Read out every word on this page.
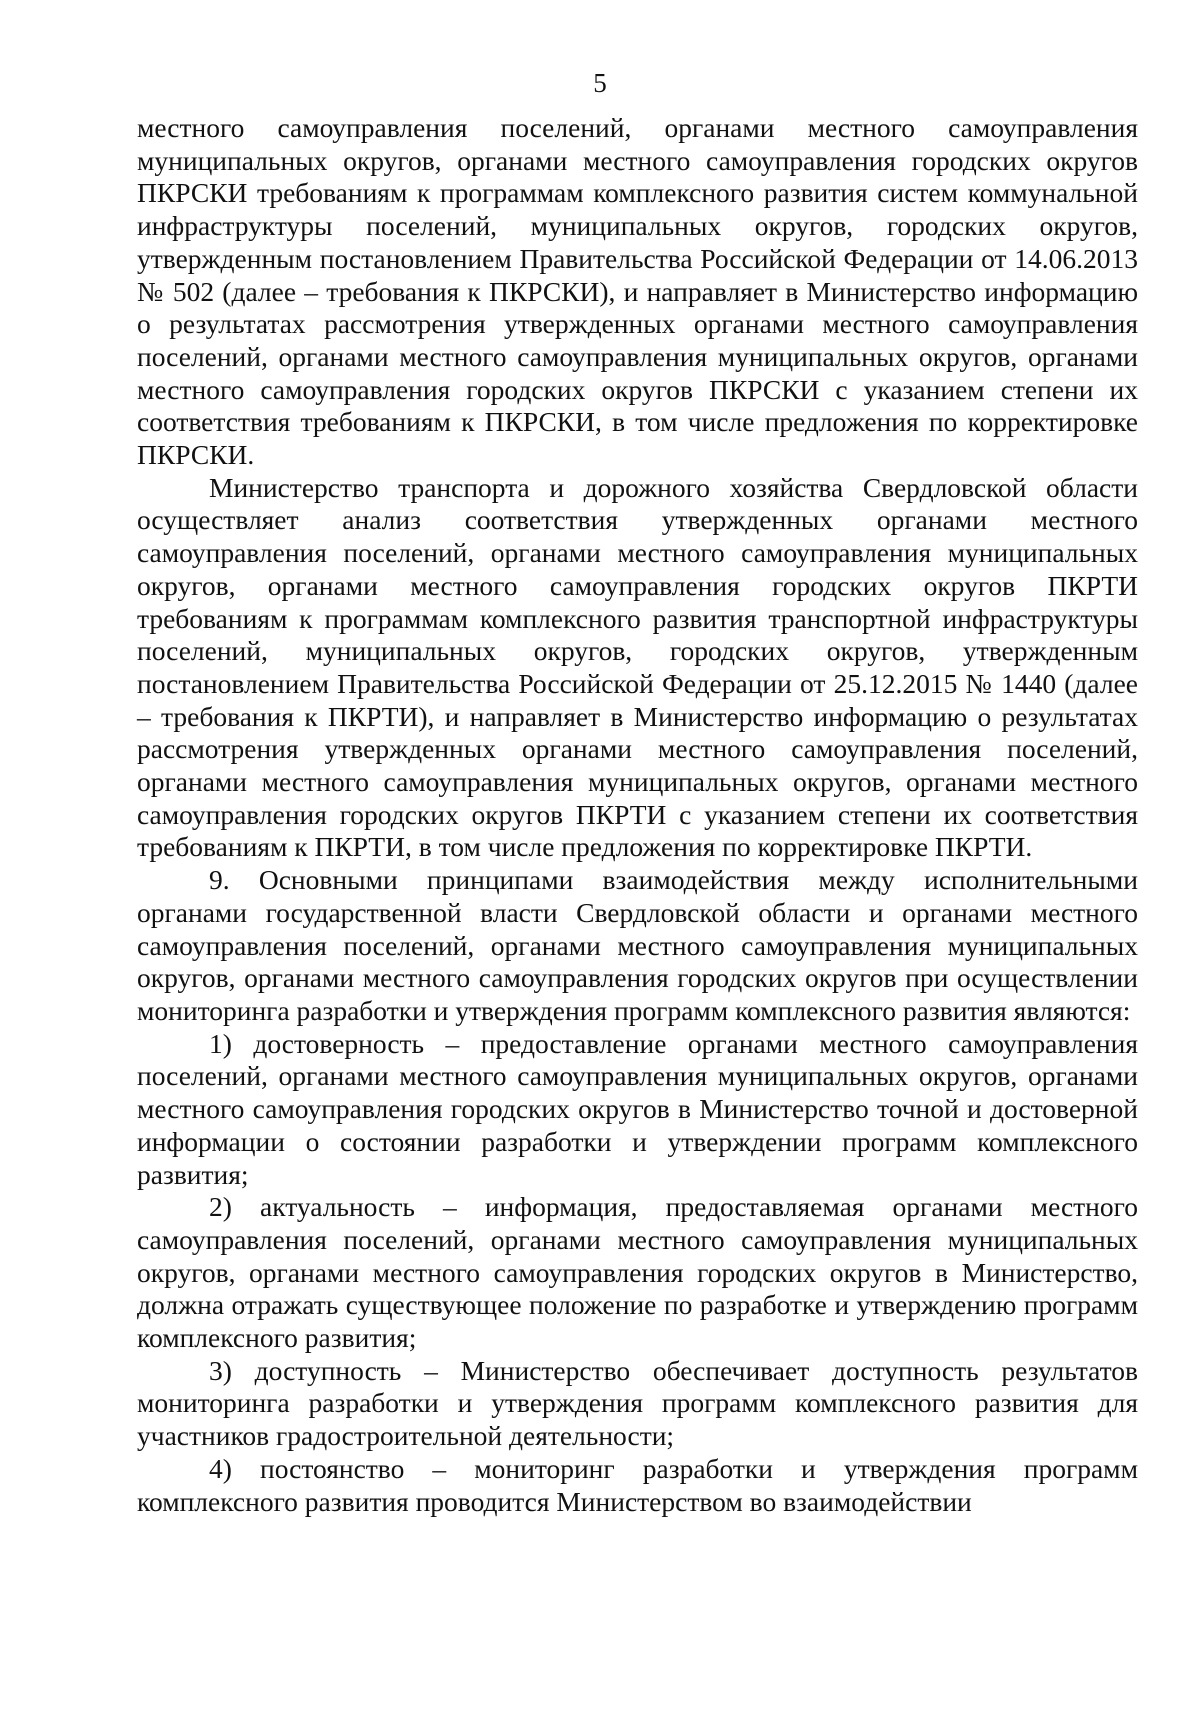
5

местного самоуправления поселений, органами местного самоуправления муниципальных округов, органами местного самоуправления городских округов ПКРСКИ требованиям к программам комплексного развития систем коммунальной инфраструктуры поселений, муниципальных округов, городских округов, утвержденным постановлением Правительства Российской Федерации от 14.06.2013 № 502 (далее – требования к ПКРСКИ), и направляет в Министерство информацию о результатах рассмотрения утвержденных органами местного самоуправления поселений, органами местного самоуправления муниципальных округов, органами местного самоуправления городских округов ПКРСКИ с указанием степени их соответствия требованиям к ПКРСКИ, в том числе предложения по корректировке ПКРСКИ.

Министерство транспорта и дорожного хозяйства Свердловской области осуществляет анализ соответствия утвержденных органами местного самоуправления поселений, органами местного самоуправления муниципальных округов, органами местного самоуправления городских округов ПКРТИ требованиям к программам комплексного развития транспортной инфраструктуры поселений, муниципальных округов, городских округов, утвержденным постановлением Правительства Российской Федерации от 25.12.2015 № 1440 (далее – требования к ПКРТИ), и направляет в Министерство информацию о результатах рассмотрения утвержденных органами местного самоуправления поселений, органами местного самоуправления муниципальных округов, органами местного самоуправления городских округов ПКРТИ с указанием степени их соответствия требованиям к ПКРТИ, в том числе предложения по корректировке ПКРТИ.

9. Основными принципами взаимодействия между исполнительными органами государственной власти Свердловской области и органами местного самоуправления поселений, органами местного самоуправления муниципальных округов, органами местного самоуправления городских округов при осуществлении мониторинга разработки и утверждения программ комплексного развития являются:

1) достоверность – предоставление органами местного самоуправления поселений, органами местного самоуправления муниципальных округов, органами местного самоуправления городских округов в Министерство точной и достоверной информации о состоянии разработки и утверждении программ комплексного развития;

2) актуальность – информация, предоставляемая органами местного самоуправления поселений, органами местного самоуправления муниципальных округов, органами местного самоуправления городских округов в Министерство, должна отражать существующее положение по разработке и утверждению программ комплексного развития;

3) доступность – Министерство обеспечивает доступность результатов мониторинга разработки и утверждения программ комплексного развития для участников градостроительной деятельности;

4) постоянство – мониторинг разработки и утверждения программ комплексного развития проводится Министерством во взаимодействии
